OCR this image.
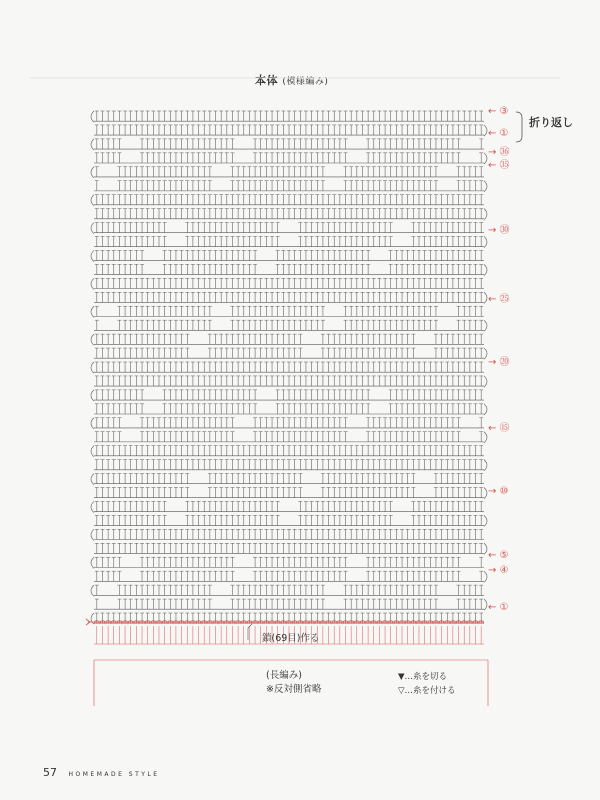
本体 (模様編み)
折り返し
← ③
← ①
→ ㊱
← ㉟
→ ㉚
← ㉕
→ ⑳
← ⑮
→ ⑩
← ⑤
→ ④
← ①
鎖(69目)作る
(長編み)
※反対側省略
▼…糸を切る
▽…糸を付ける
57 HOMEMADE STYLE
